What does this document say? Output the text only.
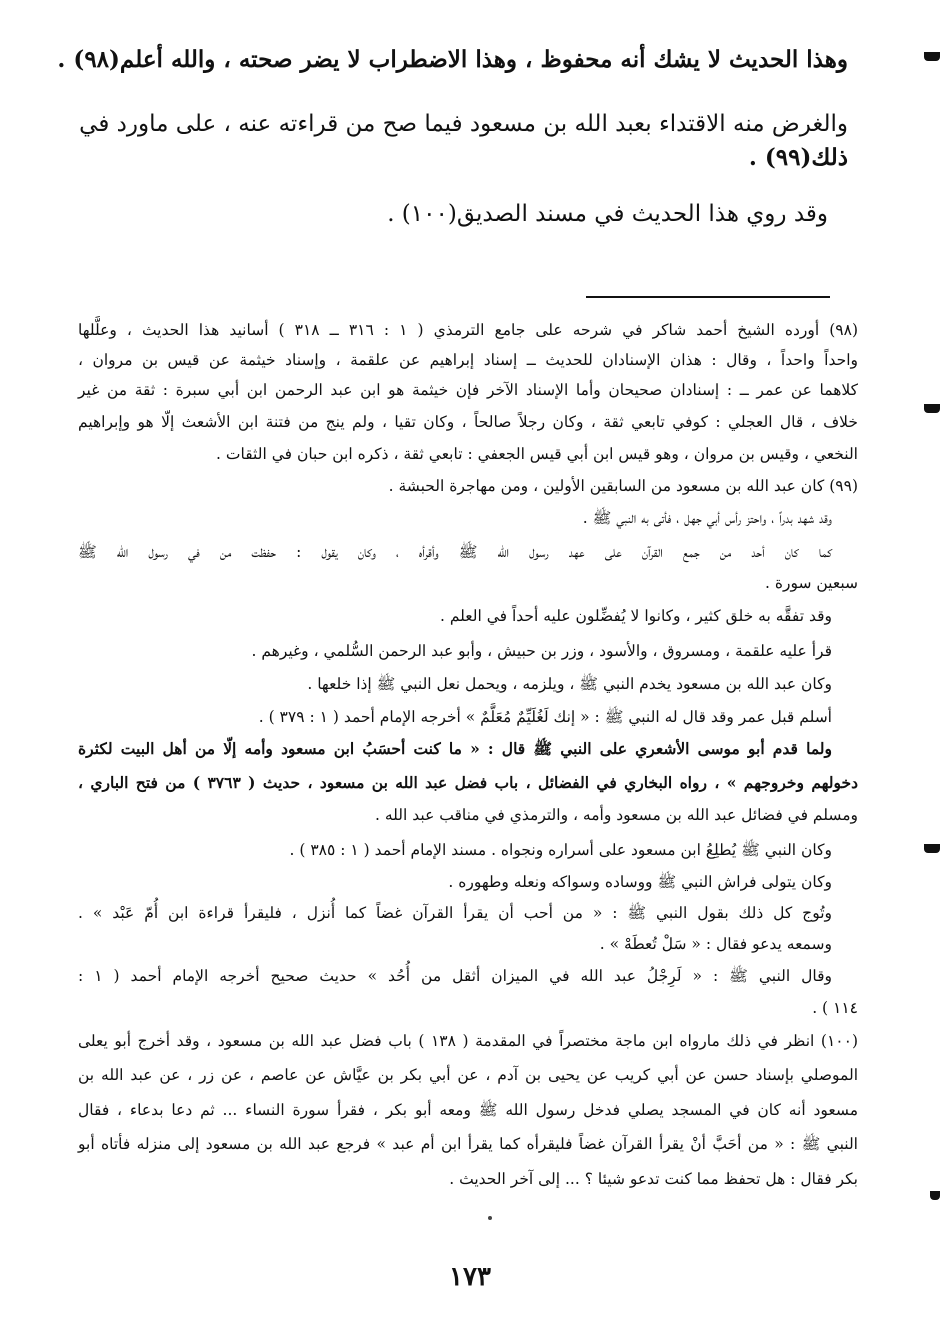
وهذا الحديث لا يشك أنه محفوظ ، وهذا الاضطراب لا يضر صحته ، والله أعلم(٩٨) .
والغرض منه الاقتداء بعبد الله بن مسعود فيما صح من قراءته عنه ، على ماورد في
ذلك(٩٩) .
وقد روي هذا الحديث في مسند الصديق(١٠٠) .
(٩٨) أورده الشيخ أحمد شاكر في شرحه على جامع الترمذي ( ١ : ٣١٦ ــ ٣١٨ ) أسانيد هذا الحديث ، وعلَّلها
واحداً واحداً ، وقال : هذان الإسنادان للحديث ــ إسناد إبراهيم عن علقمة ، وإسناد خيثمة عن قيس بن مروان ،
كلاهما عن عمر ــ : إسنادان صحيحان وأما الإسناد الآخر فإن خيثمة هو ابن عبد الرحمن ابن أبي سبرة : ثقة من غير
خلاف ، قال العجلي : كوفي تابعي ثقة ، وكان رجلاً صالحاً ، وكان تقيا ، ولم ينج من فتنة ابن الأشعث إلّا هو وإبراهيم
النخعي ، وقيس بن مروان ، وهو قيس ابن أبي قيس الجعفي : تابعي ثقة ، ذكره ابن حبان في الثقات .
(٩٩) كان عبد الله بن مسعود من السابقين الأولين ، ومن مهاجرة الحبشة .
وقد شهد بدراً ، واحتز رأس أبي جهل ، فأتى به النبي ﷺ .
كما كان أحد من جمع القرآن على عهد رسول الله ﷺ وأقرأه ، وكان يقول : حفظت من في رسول الله ﷺ
سبعين سورة .
وقد تفقَّه به خلق كثير ، وكانوا لا يُفضِّلون عليه أحداً في العلم .
قرأ عليه علقمة ، ومسروق ، والأسود ، وزر بن حبيش ، وأبو عبد الرحمن السُّلمي ، وغيرهم .
وكان عبد الله بن مسعود يخدم النبي ﷺ ، ويلزمه ، ويحمل نعل النبي ﷺ إذا خلعها .
أسلم قبل عمر وقد قال له النبي ﷺ : « إنك لَغُلَيِّمٌ مُعَلَّمٌ » أخرجه الإمام أحمد ( ١ : ٣٧٩ ) .
ولما قدم أبو موسى الأشعري على النبي ﷺ قال : « ما كنت أحسَبُ ابن مسعود وأمه إلّا من أهل البيت لكثرة
دخولهم وخروجهم » ، رواه البخاري في الفضائل ، باب فضل عبد الله بن مسعود ، حديث ( ٣٧٦٣ ) من فتح الباري ،
ومسلم في فضائل عبد الله بن مسعود وأمه ، والترمذي في مناقب عبد الله .
وكان النبي ﷺ يُطلِعُ ابن مسعود على أسراره ونجواه . مسند الإمام أحمد ( ١ : ٣٨٥ ) .
وكان يتولى فراش النبي ﷺ ووساده وسواكه ونعله وطهوره .
وتُوج كل ذلك بقول النبي ﷺ : « من أحب أن يقرأ القرآن غضاً كما أُنزل ، فليقرأ قراءة ابن أُمّ عَبْد » .
وسمعه يدعو فقال : « سَلْ تُعطَهْ » .
وقال النبي ﷺ : « لَرِجْلُ عبد الله في الميزان أثقل من أُحُد » حديث صحيح أخرجه الإمام أحمد ( ١ :
١١٤ ) .
(١٠٠) انظر في ذلك مارواه ابن ماجة مختصراً في المقدمة ( ١٣٨ ) باب فضل عبد الله بن مسعود ، وقد أخرج أبو يعلى
الموصلي بإسناد حسن عن أبي كريب عن يحيى بن آدم ، عن أبي بكر بن عيَّاش عن عاصم ، عن زر ، عن عبد الله بن
مسعود أنه كان في المسجد يصلي فدخل رسول الله ﷺ ومعه أبو بكر ، فقرأ سورة النساء ... ثم دعا بدعاء ، فقال
النبي ﷺ : « من أحَبَّ أنْ يقرأ القرآن غضاً فليقرأه كما يقرأ ابن أم عبد » فرجع عبد الله بن مسعود إلى منزله فأتاه أبو
بكر فقال : هل تحفظ مما كنت تدعو شيئا ؟ ... إلى آخر الحديث .
١٧٣
